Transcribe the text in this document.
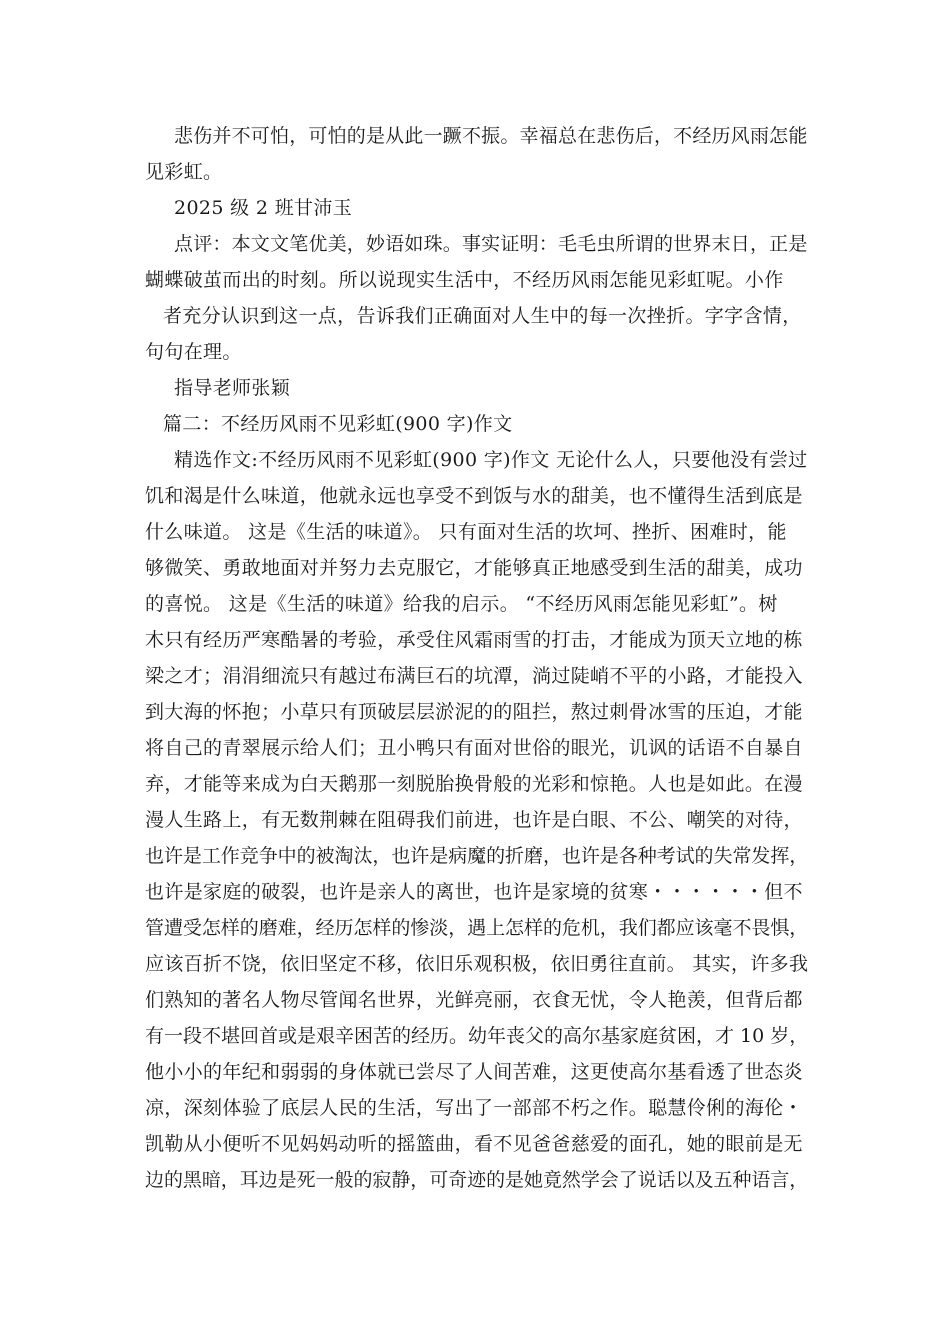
悲伤并不可怕，可怕的是从此一蹶不振。幸福总在悲伤后，不经历风雨怎能
见彩虹。
2025 级 2 班甘沛玉
点评：本文文笔优美，妙语如珠。事实证明：毛毛虫所谓的世界末日，正是
蝴蝶破茧而出的时刻。所以说现实生活中，不经历风雨怎能见彩虹呢。小作
者充分认识到这一点，告诉我们正确面对人生中的每一次挫折。字字含情，
句句在理。
指导老师张颖
篇二：不经历风雨不见彩虹(900 字)作文
精选作文:不经历风雨不见彩虹(900 字)作文 无论什么人，只要他没有尝过
饥和渴是什么味道，他就永远也享受不到饭与水的甜美，也不懂得生活到底是
什么味道。 这是《生活的味道》。 只有面对生活的坎坷、挫折、困难时，能
够微笑、勇敢地面对并努力去克服它，才能够真正地感受到生活的甜美，成功
的喜悦。 这是《生活的味道》给我的启示。 “不经历风雨怎能见彩虹”。树
木只有经历严寒酷暑的考验，承受住风霜雨雪的打击，才能成为顶天立地的栋
梁之才；涓涓细流只有越过布满巨石的坑潭，淌过陡峭不平的小路，才能投入
到大海的怀抱；小草只有顶破层层淤泥的的阻拦，熬过刺骨冰雪的压迫，才能
将自己的青翠展示给人们；丑小鸭只有面对世俗的眼光，讥讽的话语不自暴自
弃，才能等来成为白天鹅那一刻脱胎换骨般的光彩和惊艳。人也是如此。在漫
漫人生路上，有无数荆棘在阻碍我们前进，也许是白眼、不公、嘲笑的对待，
也许是工作竞争中的被淘汰，也许是病魔的折磨，也许是各种考试的失常发挥，
也许是家庭的破裂，也许是亲人的离世，也许是家境的贫寒・・・・・・但不
管遭受怎样的磨难，经历怎样的惨淡，遇上怎样的危机，我们都应该毫不畏惧，
应该百折不饶，依旧坚定不移，依旧乐观积极，依旧勇往直前。 其实，许多我
们熟知的著名人物尽管闻名世界，光鲜亮丽，衣食无忧，令人艳羡，但背后都
有一段不堪回首或是艰辛困苦的经历。幼年丧父的高尔基家庭贫困，才 10 岁，
他小小的年纪和弱弱的身体就已尝尽了人间苦难，这更使高尔基看透了世态炎
凉，深刻体验了底层人民的生活，写出了一部部不朽之作。聪慧伶俐的海伦・
凯勒从小便听不见妈妈动听的摇篮曲，看不见爸爸慈爱的面孔，她的眼前是无
边的黑暗，耳边是死一般的寂静，可奇迹的是她竟然学会了说话以及五种语言，
